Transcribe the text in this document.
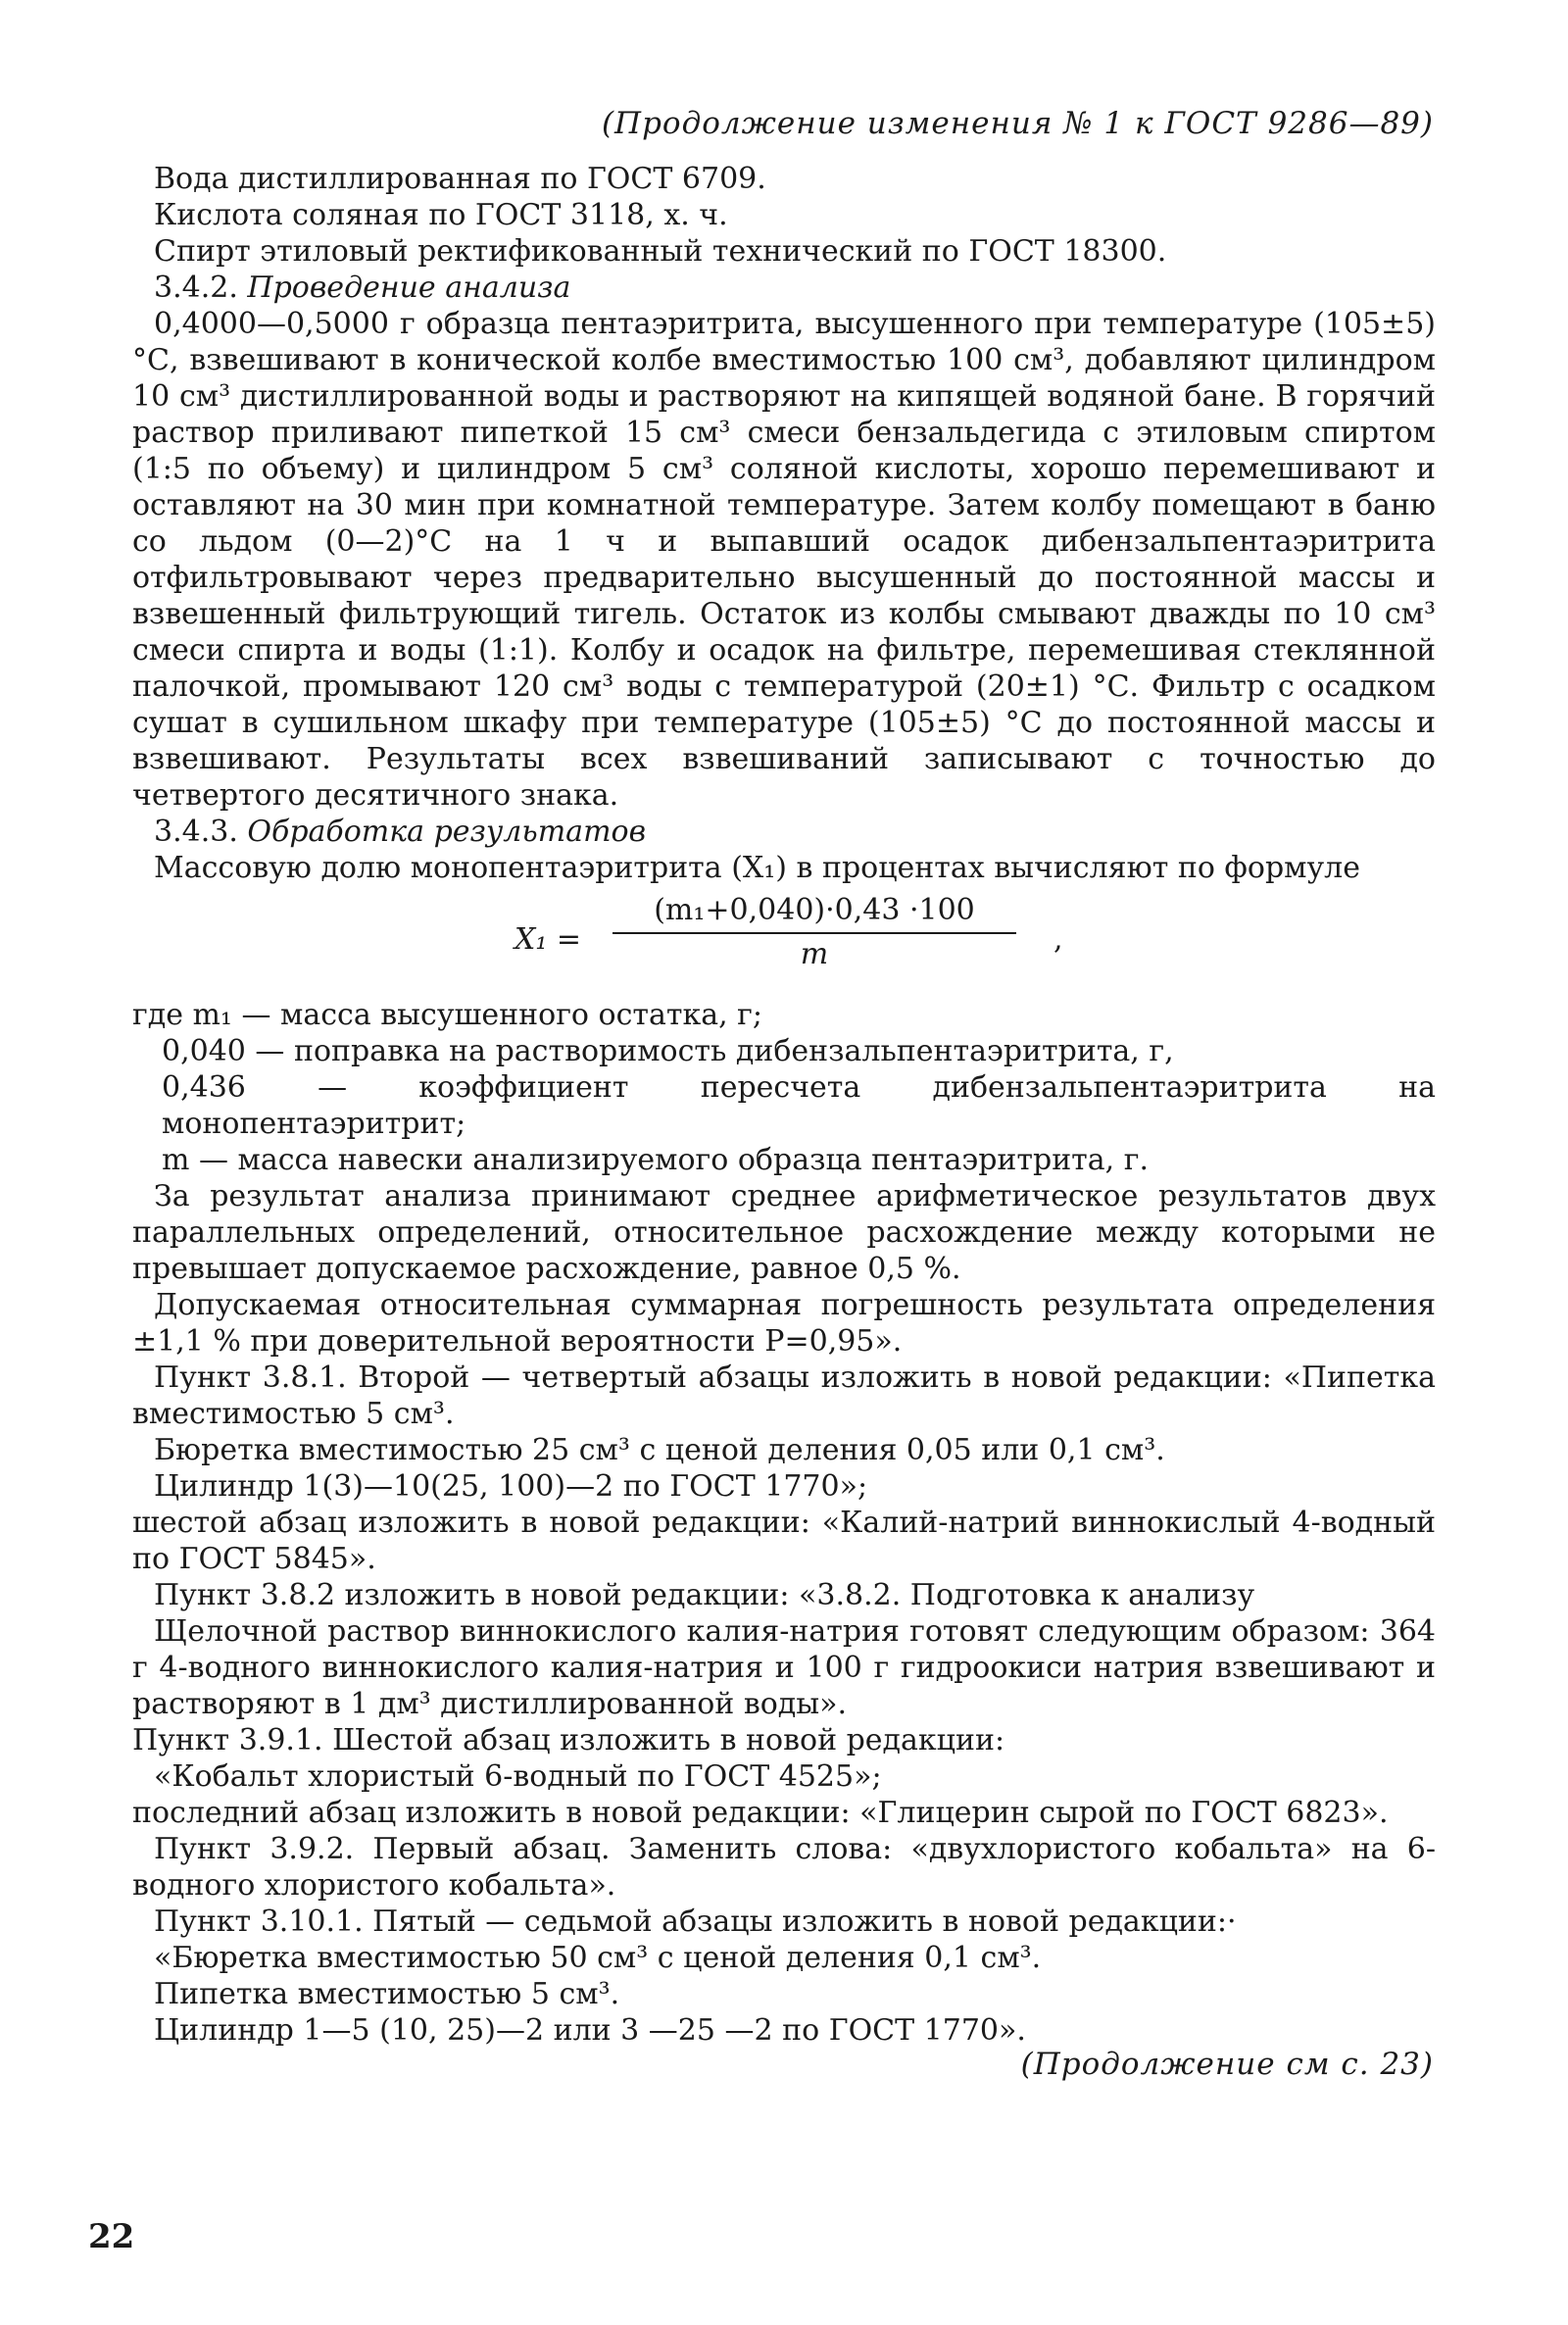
(Продолжение изменения № 1 к ГОСТ 9286—89)

Вода дистиллированная по ГОСТ 6709.

Кислота соляная по ГОСТ 3118, х. ч.

Спирт этиловый ректификованный технический по ГОСТ 18300.

3.4.2. Проведение анализа

0,4000—0,5000 г образца пентаэритрита, высушенного при температуре (105±5) °С, взвешивают в конической колбе вместимостью 100 см³, добавляют цилиндром 10 см³ дистиллированной воды и растворяют на кипящей водяной бане. В горячий раствор приливают пипеткой 15 см³ смеси бензальдегида с этиловым спиртом (1:5 по объему) и цилиндром 5 см³ соляной кислоты, хорошо перемешивают и оставляют на 30 мин при комнатной температуре. Затем колбу помещают в баню со льдом (0—2)°С на 1 ч и выпавший осадок дибензальпентаэритрита отфильтровывают через предварительно высушенный до постоянной массы и взвешенный фильтрующий тигель. Остаток из колбы смывают дважды по 10 см³ смеси спирта и воды (1:1). Колбу и осадок на фильтре, перемешивая стеклянной палочкой, промывают 120 см³ воды с температурой (20±1) °С. Фильтр с осадком сушат в сушильном шкафу при температуре (105±5) °С до постоянной массы и взвешивают. Результаты всех взвешиваний записывают с точностью до четвертого десятичного знака.

3.4.3. Обработка результатов

Массовую долю монопентаэритрита (X₁) в процентах вычисляют по формуле

$X_1 = \frac{\text{(m₁+0,040)·0,43 ·100}}{m}$ ,

где m₁ — масса высушенного остатка, г;

0,040 — поправка на растворимость дибензальпентаэритрита, г,

0,436 — коэффициент пересчета дибензальпентаэритрита на монопентаэритрит;

m — масса навески анализируемого образца пентаэритрита, г.

За результат анализа принимают среднее арифметическое результатов двух параллельных определений, относительное расхождение между которыми не превышает допускаемое расхождение, равное 0,5 %.

Допускаемая относительная суммарная погрешность результата определения ±1,1 % при доверительной вероятности P=0,95».

Пункт 3.8.1. Второй — четвертый абзацы изложить в новой редакции: «Пипетка вместимостью 5 см³.

Бюретка вместимостью 25 см³ с ценой деления 0,05 или 0,1 см³.

Цилиндр 1(3)—10(25, 100)—2 по ГОСТ 1770»;

шестой абзац изложить в новой редакции: «Калий-натрий виннокислый 4-водный по ГОСТ 5845».

Пункт 3.8.2 изложить в новой редакции: «3.8.2. Подготовка к анализу

Щелочной раствор виннокислого калия-натрия готовят следующим образом: 364 г 4-водного виннокислого калия-натрия и 100 г гидроокиси натрия взвешивают и растворяют в 1 дм³ дистиллированной воды».

Пункт 3.9.1. Шестой абзац изложить в новой редакции:

«Кобальт хлористый 6-водный по ГОСТ 4525»;

последний абзац изложить в новой редакции: «Глицерин сырой по ГОСТ 6823».

Пункт 3.9.2. Первый абзац. Заменить слова: «двухлористого кобальта» на 6-водного хлористого кобальта».

Пункт 3.10.1. Пятый — седьмой абзацы изложить в новой редакции:·

«Бюретка вместимостью 50 см³ с ценой деления 0,1 см³.

Пипетка вместимостью 5 см³.

Цилиндр 1—5 (10, 25)—2 или 3 —25 —2 по ГОСТ 1770».

(Продолжение см с. 23)
22
